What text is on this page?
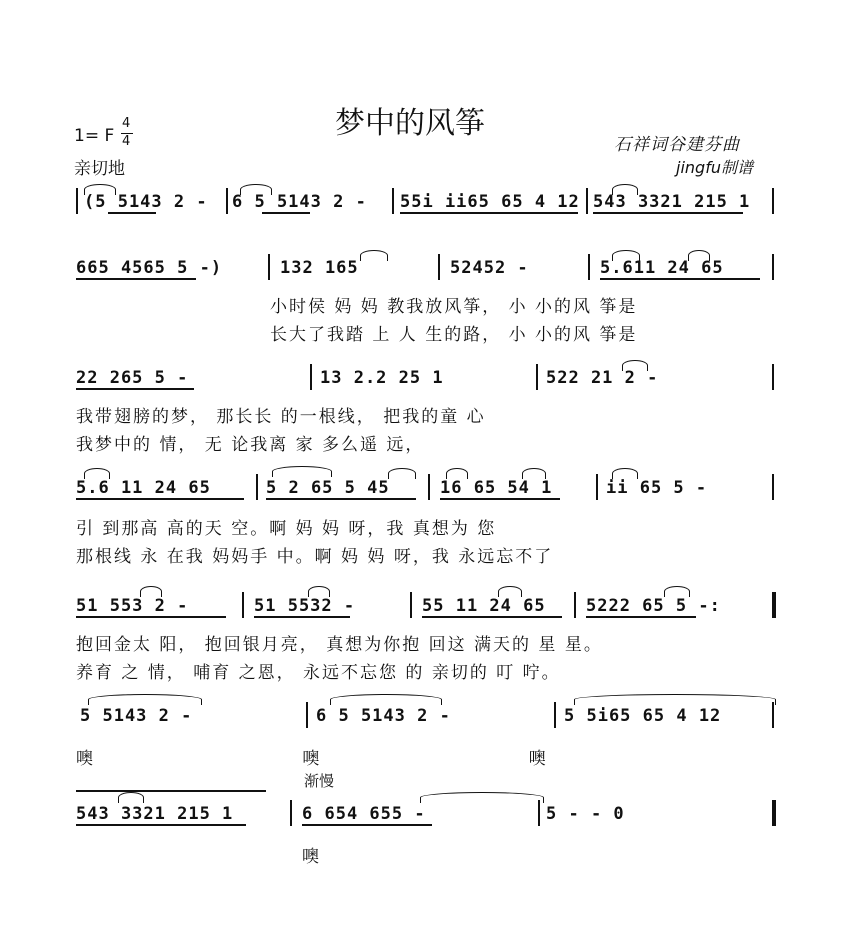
梦中的风筝
1= F
4
4
亲切地
石祥词谷建芬曲
jingfu制谱
(5 5143 2 - 6 5 5143 2 - 55i iі65 65 4 12 543 3321 215 1
665 4565 5 -)	132 165	52452 -	5.611 24 65
小时侯 妈 妈 教我放风筝， 小 小的风 筝是
长大了我踏 上 人 生的路， 小 小的风 筝是
22 265 5 -	13 2.2 25 1	522 21 2 -
我带翅膀的梦， 那长长 的一根线， 把我的童 心
我梦中的 情， 无 论我离 家 多么遥 远，
5.6 11 24 65	5 2 65 5 45	16 65 54 1	ii 65 5 -
引 到那高 高的天 空。啊 妈 妈 呀，我 真想为 您
那根线 永 在我 妈妈手 中。啊 妈 妈 呀，我 永远忘不了
51 553 2 -	51 5532 -	55 11 24 65 5222 65 5 -:
抱回金太 阳， 抱回银月亮， 真想为你抱 回这 满天的 星 星。
养育 之 情， 哺育 之恩， 永远不忘您 的 亲切的 叮 咛。
5 5143 2 -	6 5 5143 2 -	5 5i65 65 4 12
噢 噢 噢
渐慢
543 3321 215 1	6 654 655 -	5 - - 0
噢
